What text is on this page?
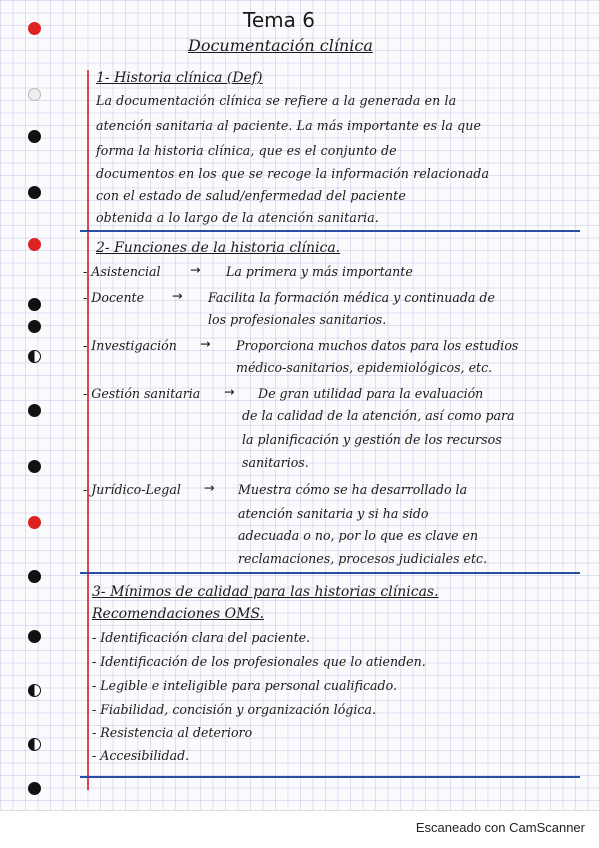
Tema 6
Documentación clínica
1- Historia clínica (Def)
La documentación clínica se refiere a la generada en la
atención sanitaria al paciente. La más importante es la que
forma la historia clínica, que es el conjunto de
documentos en los que se recoge la información relacionada
con el estado de salud/enfermedad del paciente
obtenida a lo largo de la atención sanitaria.
2- Funciones de la historia clínica.
- Asistencial → La primera y más importante
- Docente → Facilita la formación médica y continuada de
los profesionales sanitarios.
- Investigación → Proporciona muchos datos para los estudios
médico-sanitarios, epidemiológicos, etc.
- Gestión sanitaria → De gran utilidad para la evaluación
de la calidad de la atención, así como para
la planificación y gestión de los recursos
sanitarios.
- Jurídico-Legal → Muestra cómo se ha desarrollado la
atención sanitaria y si ha sido
adecuada o no, por lo que es clave en
reclamaciones, procesos judiciales etc.
3- Mínimos de calidad para las historias clínicas.
Recomendaciones OMS.
- Identificación clara del paciente.
- Identificación de los profesionales que lo atienden.
- Legible e inteligible para personal cualificado.
- Fiabilidad, concisión y organización lógica.
- Resistencia al deterioro
- Accesibilidad.
Escaneado con CamScanner
